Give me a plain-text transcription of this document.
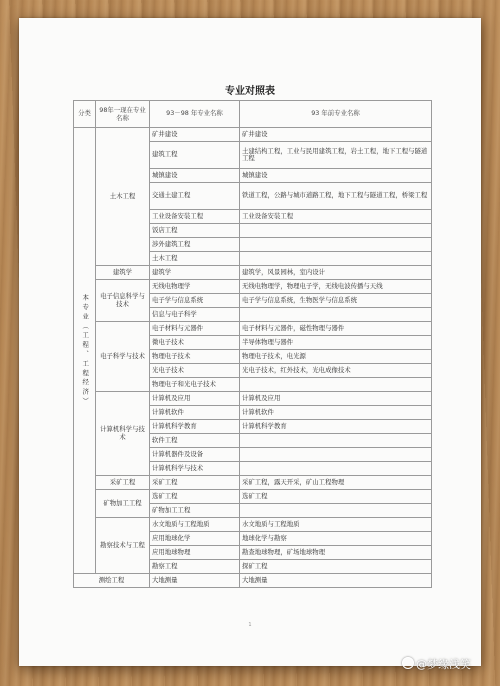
专业对照表
分类	98年一现在专业名称	93－98 年专业名称	93 年前专业名称
本专业（工程、工程经济）	土木工程	矿井建设	矿井建设
		建筑工程	土建结构工程，工业与民用建筑工程，岩土工程，地下工程与隧道工程
		城镇建设	城镇建设
		交通土建工程	铁道工程，公路与城市道路工程，地下工程与隧道工程，桥梁工程
		工业设备安装工程	工业设备安装工程
		饭店工程	
		涉外建筑工程	
		土木工程	
	建筑学	建筑学	建筑学，风景园林，室内设计
	电子信息科学与技术	无线电物理学	无线电物理学，物理电子学，无线电波传播与天线
		电子学与信息系统	电子学与信息系统，生物医学与信息系统
		信息与电子科学	
	电子科学与技术	电子材料与元器件	电子材料与元器件，磁性物理与器件
		微电子技术	半导体物理与器件
		物理电子技术	物理电子技术，电光源
		光电子技术	光电子技术，红外技术，光电成像技术
		物理电子和光电子技术	
	计算机科学与技术	计算机及应用	计算机及应用
		计算机软件	计算机软件
		计算机科学教育	计算机科学教育
		软件工程	
		计算机器件及设备	
		计算机科学与技术	
	采矿工程	采矿工程	采矿工程，露天开采，矿山工程物理
	矿物加工工程	选矿工程	选矿工程
		矿物加工工程	
	勘察技术与工程	水文地质与工程地质	水文地质与工程地质
		应用地球化学	地球化学与勘察
		应用地球物理	勘查地球物理，矿场地球物理
		勘察工程	探矿工程
测绘工程		大地测量	大地测量
1
@梦缘浅笑
